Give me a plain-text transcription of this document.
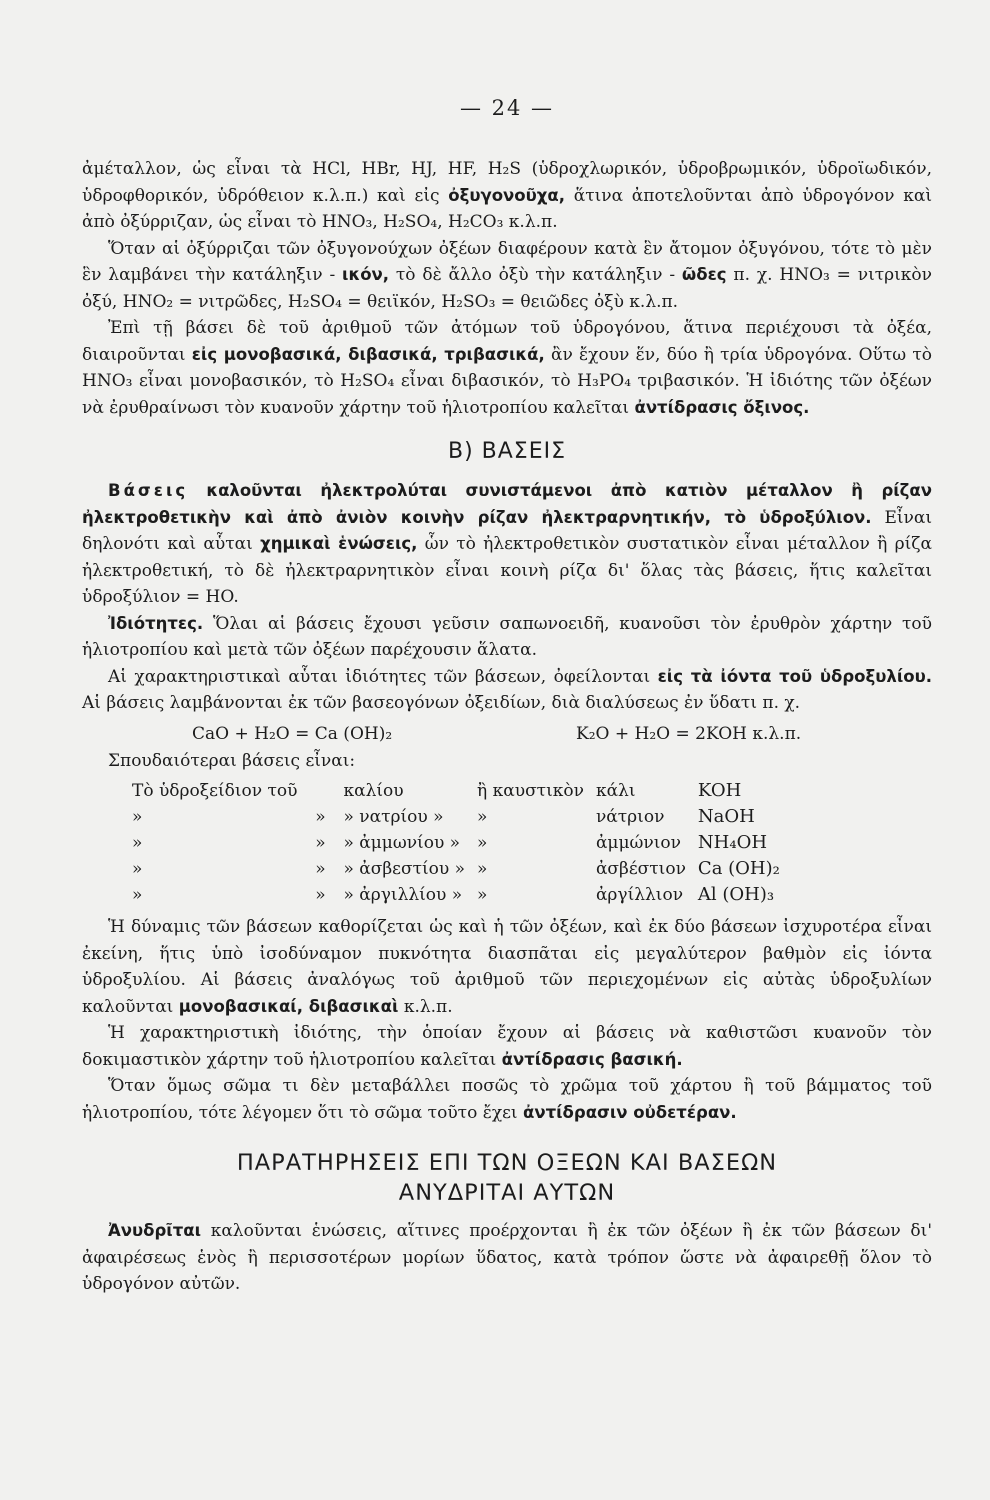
— 24 —

ἀμέταλλον, ὡς εἶναι τὰ HCl, HBr, HJ, HF, H₂S (ὑδροχλωρικόν, ὑδροβρωμικόν, ὑδροϊωδικόν, ὑδροφθορικόν, ὑδρόθειον κ.λ.π.) καὶ εἰς ὀξυγονοῦχα, ἅτινα ἀποτελοῦνται ἀπὸ ὑδρογόνον καὶ ἀπὸ ὀξύρριζαν, ὡς εἶναι τὸ HNO₃, H₂SO₄, H₂CO₃ κ.λ.π.

Ὅταν αἱ ὀξύρριζαι τῶν ὀξυγονούχων ὀξέων διαφέρουν κατὰ ἓν ἄτομον ὀξυγόνου, τότε τὸ μὲν ἓν λαμβάνει τὴν κατάληξιν - ικόν, τὸ δὲ ἄλλο ὀξὺ τὴν κατάληξιν - ῶδες π. χ. HNO₃ = νιτρικὸν ὀξύ, HNO₂ = νιτρῶδες, H₂SO₄ = θειϊκόν, H₂SO₃ = θειῶδες ὀξὺ κ.λ.π.

Ἐπὶ τῇ βάσει δὲ τοῦ ἀριθμοῦ τῶν ἀτόμων τοῦ ὑδρογόνου, ἅτινα περιέχουσι τὰ ὀξέα, διαιροῦνται εἰς μονοβασικά, διβασικά, τριβασικά, ἂν ἔχουν ἕν, δύο ἢ τρία ὑδρογόνα. Οὕτω τὸ HNO₃ εἶναι μονοβασικόν, τὸ H₂SO₄ εἶναι διβασικόν, τὸ H₃PO₄ τριβασικόν. Ἡ ἰδιότης τῶν ὀξέων νὰ ἐρυθραίνωσι τὸν κυανοῦν χάρτην τοῦ ἡλιοτροπίου καλεῖται ἀντίδρασις ὄξινος.

Β) ΒΑΣΕΙΣ

Βάσεις καλοῦνται ἠλεκτρολύται συνιστάμενοι ἀπὸ κατιὸν μέταλλον ἢ ρίζαν ἠλεκτροθετικὴν καὶ ἀπὸ ἀνιὸν κοινὴν ρίζαν ἠλεκτραρνητικήν, τὸ ὑδροξύλιον. Εἶναι δηλονότι καὶ αὗται χημικαὶ ἑνώσεις, ὧν τὸ ἠλεκτροθετικὸν συστατικὸν εἶναι μέταλλον ἢ ρίζα ἠλεκτροθετική, τὸ δὲ ἠλεκτραρνητικὸν εἶναι κοινὴ ρίζα δι' ὅλας τὰς βάσεις, ἥτις καλεῖται ὑδροξύλιον = HO.

Ἰδιότητες. Ὅλαι αἱ βάσεις ἔχουσι γεῦσιν σαπωνοειδῆ, κυανοῦσι τὸν ἐρυθρὸν χάρτην τοῦ ἡλιοτροπίου καὶ μετὰ τῶν ὀξέων παρέχουσιν ἅλατα.

Αἱ χαρακτηριστικαὶ αὗται ἰδιότητες τῶν βάσεων, ὀφείλονται εἰς τὰ ἰόντα τοῦ ὑδροξυλίου. Αἱ βάσεις λαμβάνονται ἐκ τῶν βασεογόνων ὀξειδίων, διὰ διαλύσεως ἐν ὕδατι π. χ.

CaO + H₂O = Ca (OH)₂	K₂O + H₂O = 2KOH κ.λ.π.

Σπουδαιότεραι βάσεις εἶναι:

Τὸ ὑδροξείδιον τοῦ		καλίου	ἢ καυστικὸν	κάλι	KOH
»	»	» νατρίου »	»	νάτριον	NaOH
»	»	» ἀμμωνίου »	»	ἀμμώνιον	NH₄OH
»	»	» ἀσβεστίου »	»	ἀσβέστιον	Ca (OH)₂
»	»	» ἀργιλλίου »	»	ἀργίλλιον	Al (OH)₃

Ἡ δύναμις τῶν βάσεων καθορίζεται ὡς καὶ ἡ τῶν ὀξέων, καὶ ἐκ δύο βάσεων ἰσχυροτέρα εἶναι ἐκείνη, ἥτις ὑπὸ ἰσοδύναμον πυκνότητα διασπᾶται εἰς μεγαλύτερον βαθμὸν εἰς ἰόντα ὑδροξυλίου. Αἱ βάσεις ἀναλόγως τοῦ ἀριθμοῦ τῶν περιεχομένων εἰς αὐτὰς ὑδροξυλίων καλοῦνται μονοβασικαί, διβασικαὶ κ.λ.π.

Ἡ χαρακτηριστικὴ ἰδιότης, τὴν ὁποίαν ἔχουν αἱ βάσεις νὰ καθιστῶσι κυανοῦν τὸν δοκιμαστικὸν χάρτην τοῦ ἡλιοτροπίου καλεῖται ἀντίδρασις βασική.

Ὅταν ὅμως σῶμα τι δὲν μεταβάλλει ποσῶς τὸ χρῶμα τοῦ χάρτου ἢ τοῦ βάμματος τοῦ ἡλιοτροπίου, τότε λέγομεν ὅτι τὸ σῶμα τοῦτο ἔχει ἀντίδρασιν οὐδετέραν.

ΠΑΡΑΤΗΡΗΣΕΙΣ ΕΠΙ ΤΩΝ ΟΞΕΩΝ ΚΑΙ ΒΑΣΕΩΝ
ΑΝΥΔΡΙΤΑΙ ΑΥΤΩΝ

Ἀνυδρῖται καλοῦνται ἑνώσεις, αἵτινες προέρχονται ἢ ἐκ τῶν ὀξέων ἢ ἐκ τῶν βάσεων δι' ἀφαιρέσεως ἑνὸς ἢ περισσοτέρων μορίων ὕδατος, κατὰ τρόπον ὥστε νὰ ἀφαιρεθῇ ὅλον τὸ ὑδρογόνον αὐτῶν.
